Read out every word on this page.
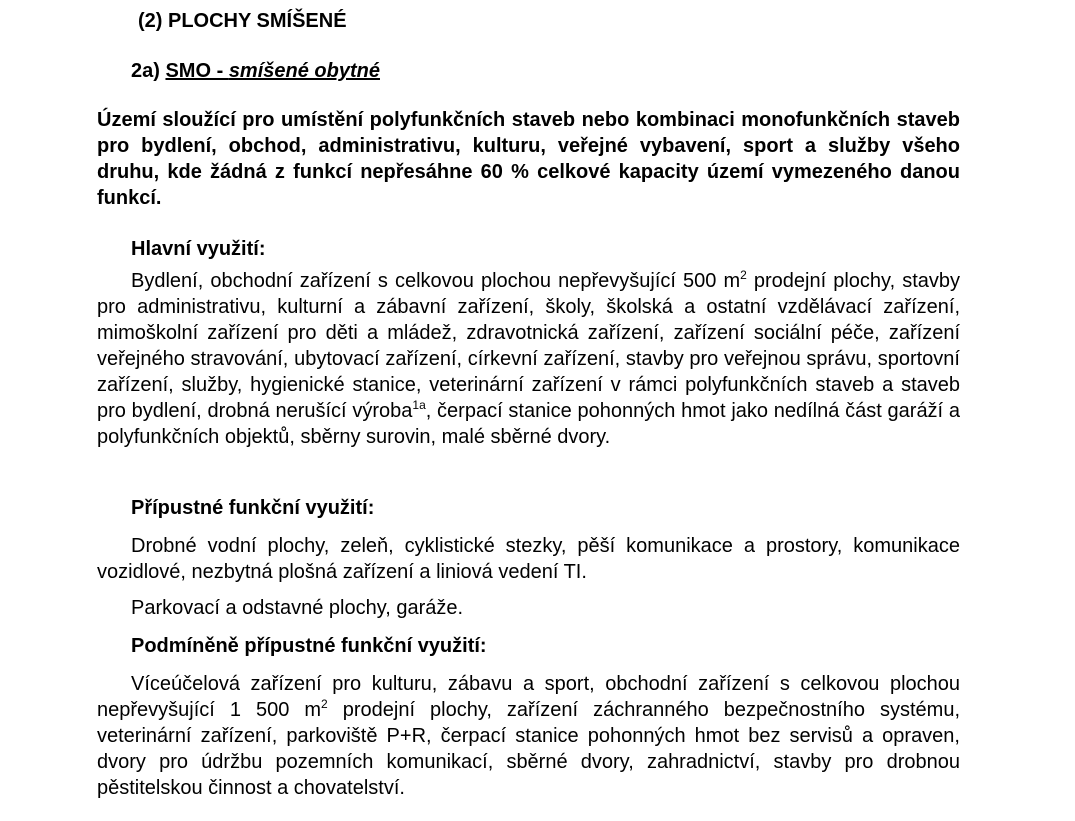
(2) PLOCHY SMÍŠENÉ
2a) SMO - smíšené obytné
Území sloužící pro umístění polyfunkčních staveb nebo kombinaci monofunkčních staveb pro bydlení, obchod, administrativu, kulturu, veřejné vybavení, sport a služby všeho druhu, kde žádná z funkcí nepřesáhne 60 % celkové kapacity území vymezeného danou funkcí.
Hlavní využití:
Bydlení, obchodní zařízení s celkovou plochou nepřevyšující 500 $m^2$ prodejní plochy, stavby pro administrativu, kulturní a zábavní zařízení, školy, školská a ostatní vzdělávací zařízení, mimoškolní zařízení pro děti a mládež, zdravotnická zařízení, zařízení sociální péče, zařízení veřejného stravování, ubytovací zařízení, církevní zařízení, stavby pro veřejnou správu, sportovní zařízení, služby, hygienické stanice, veterinární zařízení v rámci polyfunkčních staveb a staveb pro bydlení, drobná nerušící výroba$^{1a}$, čerpací stanice pohonných hmot jako nedílná část garáží a polyfunkčních objektů, sběrny surovin, malé sběrné dvory.
Přípustné funkční využití:
Drobné vodní plochy, zeleň, cyklistické stezky, pěší komunikace a prostory, komunikace vozidlové, nezbytná plošná zařízení a liniová vedení TI.
Parkovací a odstavné plochy, garáže.
Podmíněně přípustné funkční využití:
Víceúčelová zařízení pro kulturu, zábavu a sport, obchodní zařízení s celkovou plochou nepřevyšující 1 500 $m^2$ prodejní plochy, zařízení záchranného bezpečnostního systému, veterinární zařízení, parkoviště P+R, čerpací stanice pohonných hmot bez servisů a opraven, dvory pro údržbu pozemních komunikací, sběrné dvory, zahradnictví, stavby pro drobnou pěstitelskou činnost a chovatelství.
